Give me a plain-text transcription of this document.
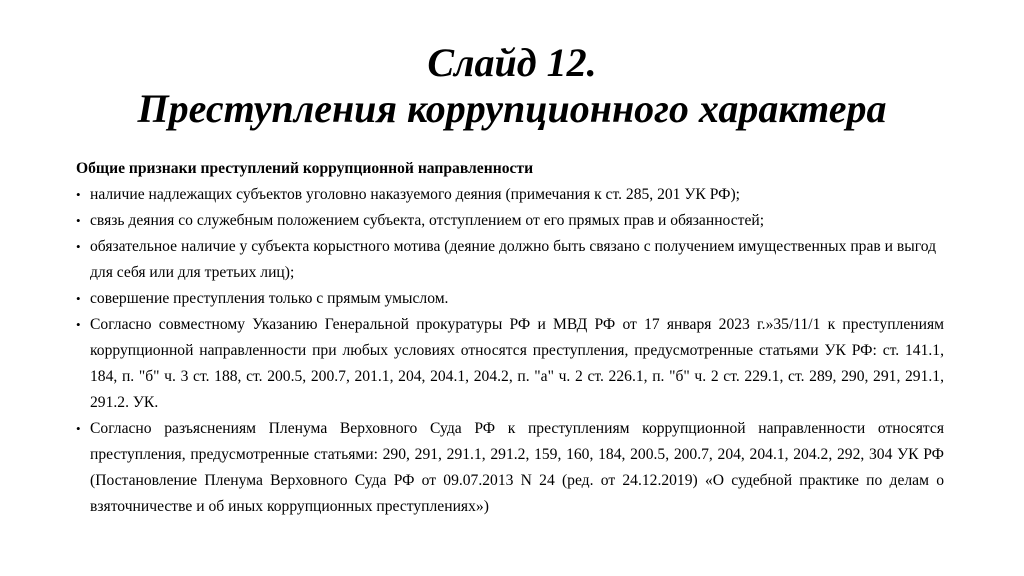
Слайд 12.
Преступления коррупционного характера

Общие признаки преступлений коррупционной направленности

• наличие надлежащих субъектов уголовно наказуемого деяния (примечания к ст. 285, 201 УК РФ);
• связь деяния со служебным положением субъекта, отступлением от его прямых прав и обязанностей;
• обязательное наличие у субъекта корыстного мотива (деяние должно быть связано с получением имущественных прав и выгод для себя или для третьих лиц);
• совершение преступления только с прямым умыслом.
• Согласно совместному Указанию Генеральной прокуратуры РФ и МВД РФ от 17 января 2023 г.»35/11/1 к преступлениям коррупционной направленности при любых условиях относятся преступления, предусмотренные статьями УК РФ: ст. 141.1, 184, п. "б" ч. 3 ст. 188, ст. 200.5, 200.7, 201.1, 204, 204.1, 204.2, п. "а" ч. 2 ст. 226.1, п. "б" ч. 2 ст. 229.1, ст. 289, 290, 291, 291.1, 291.2. УК.
• Согласно разъяснениям Пленума Верховного Суда РФ к преступлениям коррупционной направленности относятся преступления, предусмотренные статьями: 290, 291, 291.1, 291.2, 159, 160, 184, 200.5, 200.7, 204, 204.1, 204.2, 292, 304 УК РФ (Постановление Пленума Верховного Суда РФ от 09.07.2013 N 24 (ред. от 24.12.2019) «О судебной практике по делам о взяточничестве и об иных коррупционных преступлениях»)
